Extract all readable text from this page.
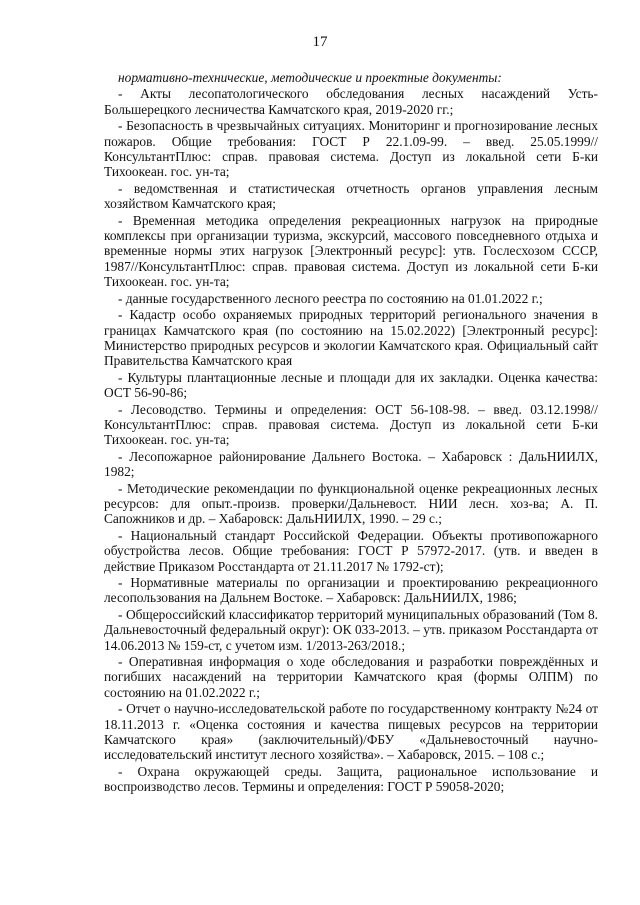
17

нормативно-технические, методические и проектные документы:

- Акты лесопатологического обследования лесных насаждений Усть-Большерецкого лесничества Камчатского края, 2019-2020 гг.;

- Безопасность в чрезвычайных ситуациях. Мониторинг и прогнозирование лесных пожаров. Общие требования: ГОСТ Р 22.1.09-99. – введ. 25.05.1999// КонсультантПлюс: справ. правовая система. Доступ из локальной сети Б-ки Тихоокеан. гос. ун-та;

- ведомственная и статистическая отчетность органов управления лесным хозяйством Камчатского края;

- Временная методика определения рекреационных нагрузок на природные комплексы при организации туризма, экскурсий, массового повседневного отдыха и временные нормы этих нагрузок [Электронный ресурс]: утв. Гослесхозом СССР, 1987//КонсультантПлюс: справ. правовая система. Доступ из локальной сети Б-ки Тихоокеан. гос. ун-та;

- данные государственного лесного реестра по состоянию на 01.01.2022 г.;

- Кадастр особо охраняемых природных территорий регионального значения в границах Камчатского края (по состоянию на 15.02.2022) [Электронный ресурс]: Министерство природных ресурсов и экологии Камчатского края. Официальный сайт Правительства Камчатского края

- Культуры плантационные лесные и площади для их закладки. Оценка качества: ОСТ 56-90-86;

- Лесоводство. Термины и определения: ОСТ 56-108-98. – введ. 03.12.1998// КонсультантПлюс: справ. правовая система. Доступ из локальной сети Б-ки Тихоокеан. гос. ун-та;

- Лесопожарное районирование Дальнего Востока. – Хабаровск : ДальНИИЛХ, 1982;

- Методические рекомендации по функциональной оценке рекреационных лесных ресурсов: для опыт.-произв. проверки/Дальневост. НИИ лесн. хоз-ва; А. П. Сапожников и др. – Хабаровск: ДальНИИЛХ, 1990. – 29 с.;

- Национальный стандарт Российской Федерации. Объекты противопожарного обустройства лесов. Общие требования: ГОСТ Р 57972-2017. (утв. и введен в действие Приказом Росстандарта от 21.11.2017 № 1792-ст);

- Нормативные материалы по организации и проектированию рекреационного лесопользования на Дальнем Востоке. – Хабаровск: ДальНИИЛХ, 1986;

- Общероссийский классификатор территорий муниципальных образований (Том 8. Дальневосточный федеральный округ): ОК 033-2013. – утв. приказом Росстандарта от 14.06.2013 № 159-ст, с учетом изм. 1/2013-263/2018.;

- Оперативная информация о ходе обследования и разработки повреждённых и погибших насаждений на территории Камчатского края (формы ОЛПМ) по состоянию на 01.02.2022 г.;

- Отчет о научно-исследовательской работе по государственному контракту №24 от 18.11.2013 г. «Оценка состояния и качества пищевых ресурсов на территории Камчатского края» (заключительный)/ФБУ «Дальневосточный научно-исследовательский институт лесного хозяйства». – Хабаровск, 2015. – 108 с.;

- Охрана окружающей среды. Защита, рациональное использование и воспроизводство лесов. Термины и определения: ГОСТ Р 59058-2020;
